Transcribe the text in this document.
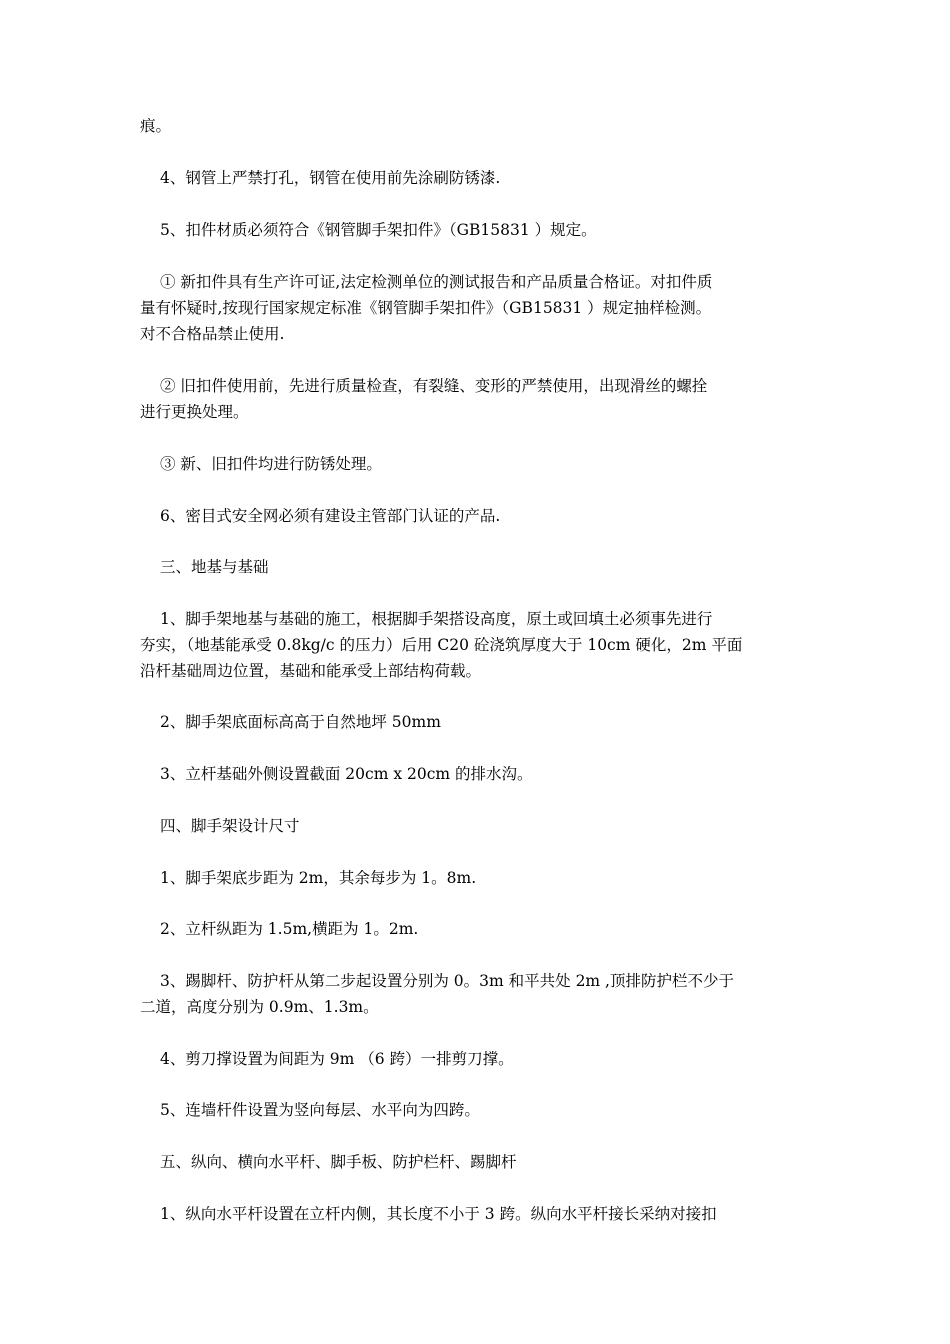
痕。
4、钢管上严禁打孔，钢管在使用前先涂刷防锈漆.
5、扣件材质必须符合《钢管脚手架扣件》（GB15831 ）规定。
① 新扣件具有生产许可证,法定检测单位的测试报告和产品质量合格证。对扣件质
量有怀疑时,按现行国家规定标准《钢管脚手架扣件》（GB15831 ）规定抽样检测。
对不合格品禁止使用.
② 旧扣件使用前，先进行质量检查，有裂缝、变形的严禁使用，出现滑丝的螺拴
进行更换处理。
③ 新、旧扣件均进行防锈处理。
6、密目式安全网必须有建设主管部门认证的产品.
三、地基与基础
1、脚手架地基与基础的施工，根据脚手架搭设高度，原土或回填土必须事先进行
夯实，（地基能承受 0.8kg/c 的压力）后用 C20 砼浇筑厚度大于 10cm 硬化，2m 平面
沿杆基础周边位置，基础和能承受上部结构荷载。
2、脚手架底面标高高于自然地坪 50mm
3、立杆基础外侧设置截面 20cm x 20cm 的排水沟。
四、脚手架设计尺寸
1、脚手架底步距为 2m，其余每步为 1。8m.
2、立杆纵距为 1.5m,横距为 1。2m.
3、踢脚杆、防护杆从第二步起设置分别为 0。3m 和平共处 2m ,顶排防护栏不少于
二道，高度分别为 0.9m、1.3m。
4、剪刀撑设置为间距为 9m （6 跨）一排剪刀撑。
5、连墙杆件设置为竖向每层、水平向为四跨。
五、纵向、横向水平杆、脚手板、防护栏杆、踢脚杆
1、纵向水平杆设置在立杆内侧，其长度不小于 3 跨。纵向水平杆接长采纳对接扣
